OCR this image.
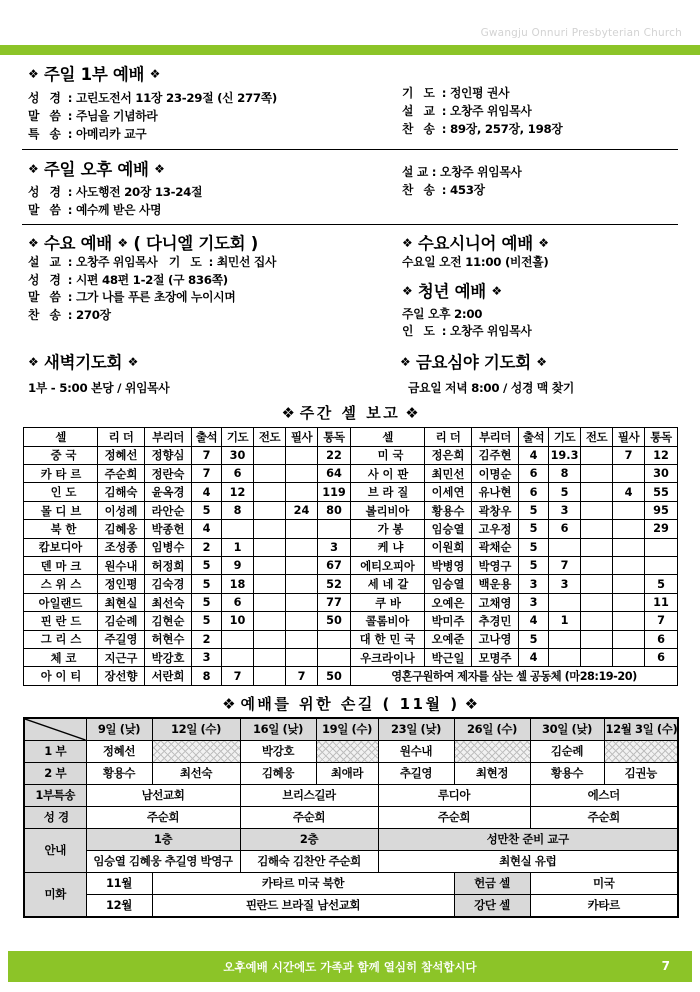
Gwangju Onnuri Presbyterian Church
❖ 주일 1부 예배 ❖
성 경 : 고린도전서 11장 23-29절 (신 277쪽)
말 씀 : 주님을 기념하라
특 송 : 아메리카 교구
기 도 : 정인평 권사
설 교 : 오창주 위임목사
찬 송 : 89장, 257장, 198장
❖ 주일 오후 예배 ❖
성 경 : 사도행전 20장 13-24절
말 씀 : 예수께 받은 사명
설 교 : 오창주 위임목사
찬 송 : 453장
❖ 수요 예배 ❖ ( 다니엘 기도회 )
설 교 : 오창주 위임목사 기 도 : 최민선 집사
성 경 : 시편 48편 1-2절 (구 836쪽)
말 씀 : 그가 나를 푸른 초장에 누이시며
찬 송 : 270장
❖ 수요시니어 예배 ❖
수요일 오전 11:00 (비전홀)
❖ 청년 예배 ❖
주일 오후 2:00
인 도 : 오창주 위임목사
❖ 새벽기도회 ❖
1부 - 5:00 본당 / 위임목사
❖ 금요심야 기도회 ❖
금요일 저녁 8:00 / 성경 맥 찾기
❖ 주간 셀 보고 ❖
셀	리 더	부리더	출석	기도	전도	필사	통독	셀	리 더	부리더	출석	기도	전도	필사	통독
중 국	정혜선	정향심	7	30			22	미 국	정은희	김주현	4	19.3		7	12
카 타 르	주순희	정란숙	7	6			64	사 이 판	최민선	이명순	6	8			30
인 도	김해숙	윤옥경	4	12			119	브 라 질	이세연	유나현	6	5		4	55
몰 디 브	이성례	라안순	5	8		24	80	볼리비아	황용수	곽창우	5	3			95
북 한	김혜웅	박종헌	4					가 봉	임승열	고우정	5	6			29
캄보디아	조성종	임병수	2	1			3	케 냐	이원희	곽채순	5				
덴 마 크	원수내	허정희	5	9			67	에티오피아	박병영	박영구	5	7			
스 위 스	정인평	김숙경	5	18			52	세 네 갈	임승열	백운용	3	3			5
아일랜드	최현실	최선숙	5	6			77	쿠 바	오예은	고채영	3				11
핀 란 드	김순례	김현순	5	10			50	콜롬비아	박미주	추경민	4	1			7
그 리 스	주길영	허현수	2					대 한 민 국	오예준	고나영	5				6
체 코	지근구	박강호	3					우크라이나	박근일	모명주	4				6
아 이 티	장선향	서란희	8	7		7	50	영혼구원하여 제자를 삼는 셀 공동체 (마28:19-20)							
❖ 예배를 위한 손길 ( 11월 ) ❖
	9일 (낮)	12일 (수)	16일 (낮)	19일 (수)	23일 (낮)	26일 (수)	30일 (낮)	12월 3일 (수)
1 부	정혜선		박강호		원수내		김순례	
2 부	황용수	최선숙	김혜웅	최애라	추길영	최현정	황용수	김권능
1부특송	남선교회		브리스길라		루디아		에스더	
성 경	주순희		주순희		주순희		주순희	
안내	1층		2층		성만찬 준비 교구			
	임승열 김혜웅 추길영 박영구		김해숙 김찬안 주순희		최현실 유럽			
미화	11월	카타르 미국 북한				헌금 셀	미국	
	12월	핀란드 브라질 남선교회				강단 셀	카타르	
오후예배 시간에도 가족과 함께 열심히 참석합시다	7
